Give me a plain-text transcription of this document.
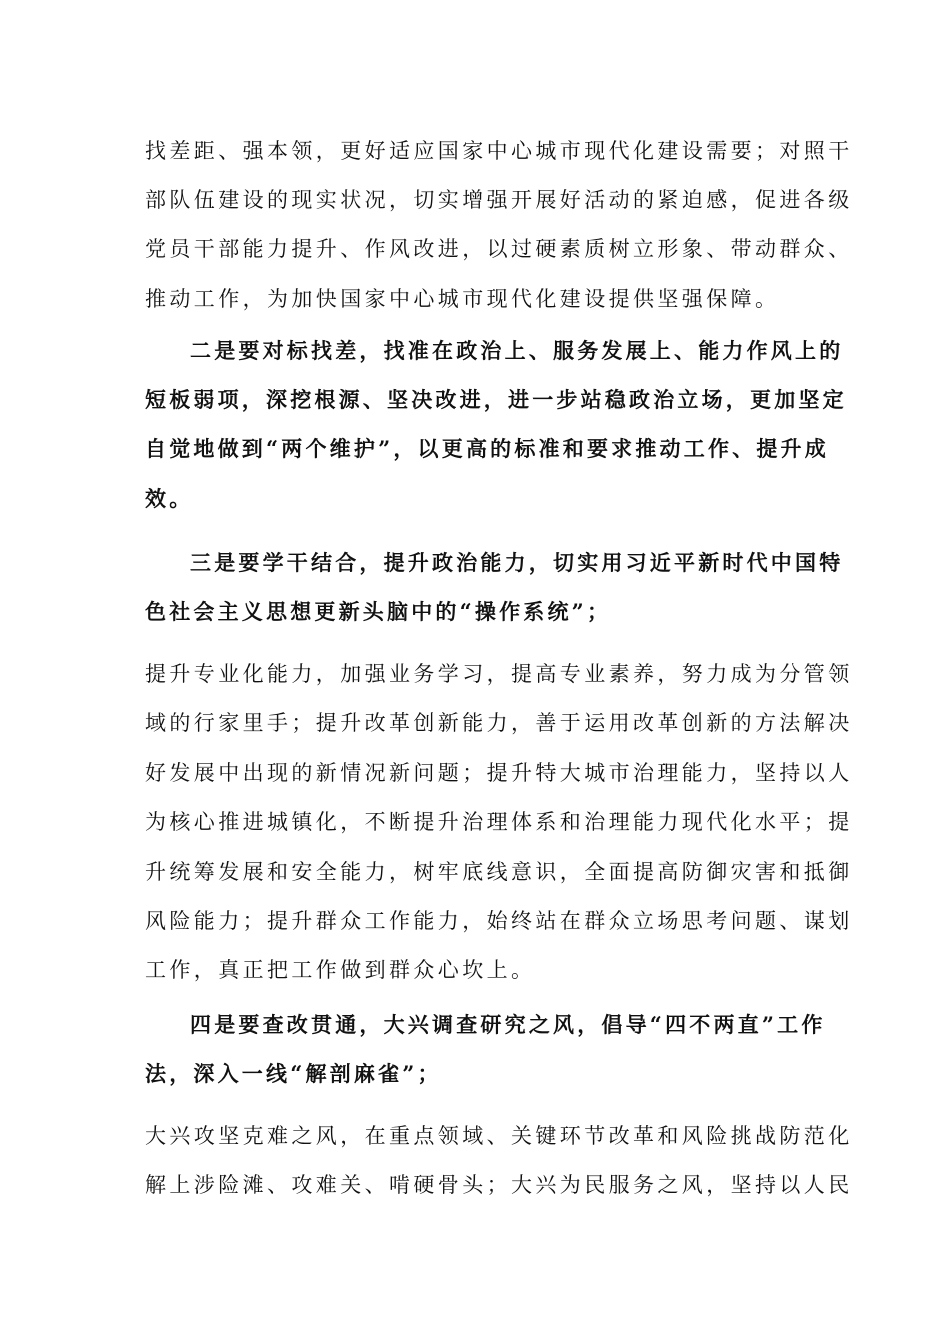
找差距、强本领，更好适应国家中心城市现代化建设需要；对照干
部队伍建设的现实状况，切实增强开展好活动的紧迫感，促进各级
党员干部能力提升、作风改进，以过硬素质树立形象、带动群众、
推动工作，为加快国家中心城市现代化建设提供坚强保障。
二是要对标找差，找准在政治上、服务发展上、能力作风上的
短板弱项，深挖根源、坚决改进，进一步站稳政治立场，更加坚定
自觉地做到“两个维护”，以更高的标准和要求推动工作、提升成
效。
三是要学干结合，提升政治能力，切实用习近平新时代中国特
色社会主义思想更新头脑中的“操作系统”；
提升专业化能力，加强业务学习，提高专业素养，努力成为分管领
域的行家里手；提升改革创新能力，善于运用改革创新的方法解决
好发展中出现的新情况新问题；提升特大城市治理能力，坚持以人
为核心推进城镇化，不断提升治理体系和治理能力现代化水平；提
升统筹发展和安全能力，树牢底线意识，全面提高防御灾害和抵御
风险能力；提升群众工作能力，始终站在群众立场思考问题、谋划
工作，真正把工作做到群众心坎上。
四是要查改贯通，大兴调查研究之风，倡导“四不两直”工作
法，深入一线“解剖麻雀”；
大兴攻坚克难之风，在重点领域、关键环节改革和风险挑战防范化
解上涉险滩、攻难关、啃硬骨头；大兴为民服务之风，坚持以人民
